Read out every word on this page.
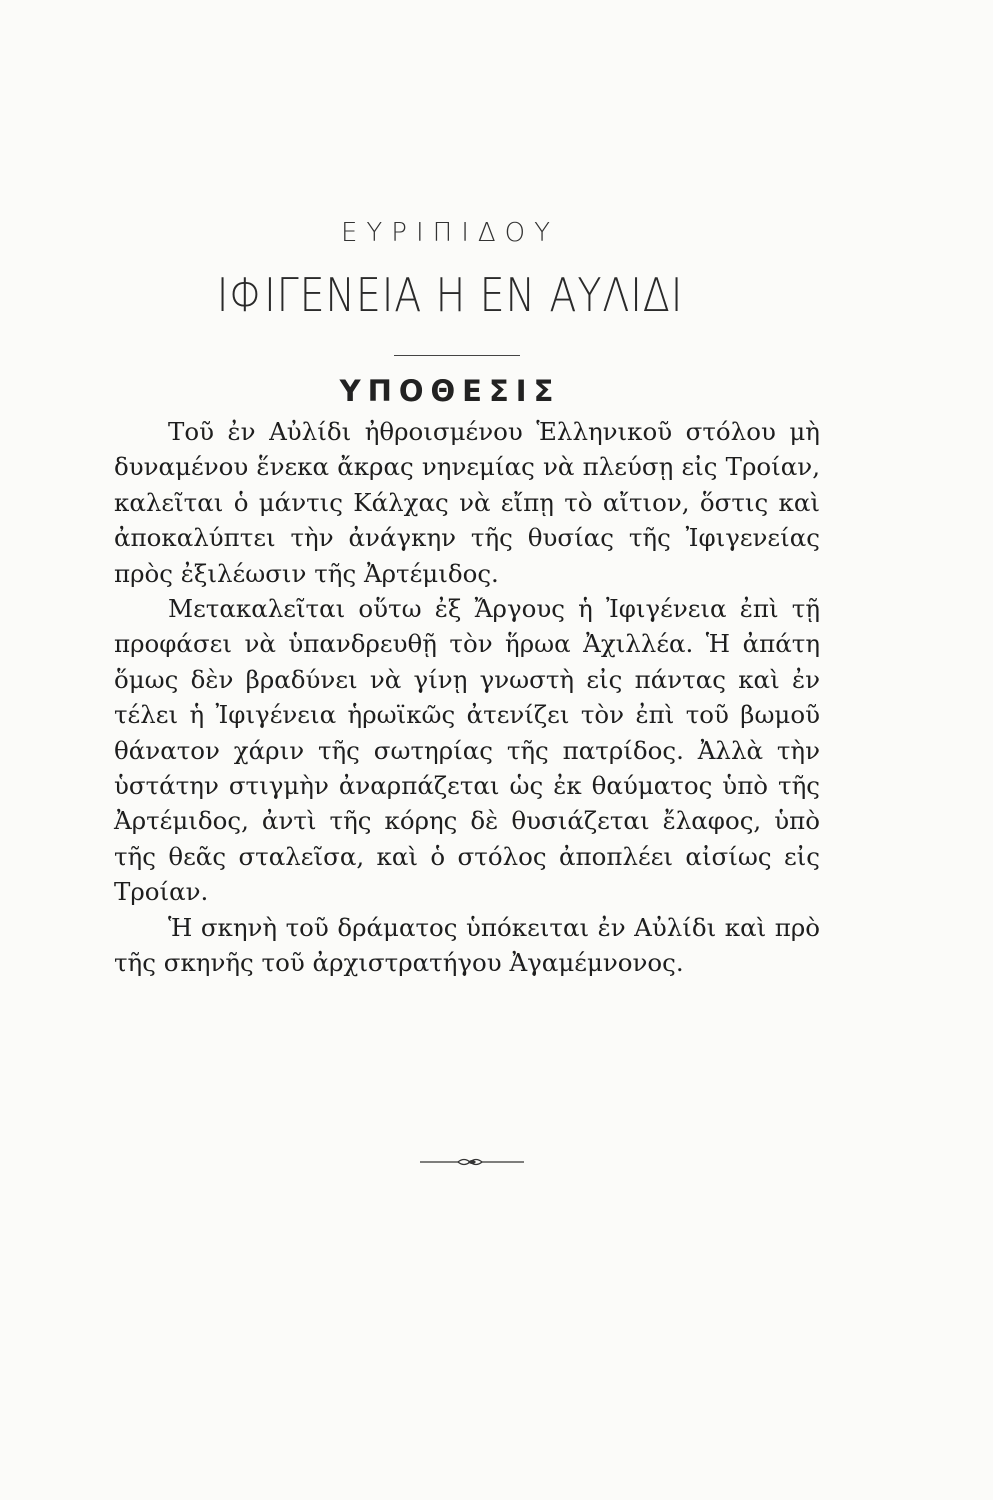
ΕΥΡΙΠΙΔΟΥ
ΙΦΙΓΕΝΕΙΑ Η ΕΝ ΑΥΛΙΔΙ
ΥΠΟΘΕΣΙΣ

Τοῦ ἐν Αὐλίδι ἠθροισμένου Ἑλληνικοῦ στόλου μὴ δυναμένου ἕνεκα ἄκρας νηνεμίας νὰ πλεύσῃ εἰς Τροίαν, καλεῖται ὁ μάντις Κάλχας νὰ εἴπῃ τὸ αἴτιον, ὅστις καὶ ἀποκαλύπτει τὴν ἀνάγκην τῆς θυσίας τῆς Ἰφιγενείας πρὸς ἐξιλέωσιν τῆς Ἀρτέμιδος.

Μετακαλεῖται οὕτω ἐξ Ἄργους ἡ Ἰφιγένεια ἐπὶ τῇ προφάσει νὰ ὑπανδρευθῇ τὸν ἥρωα Ἀχιλλέα. Ἡ ἀπάτη ὅμως δὲν βραδύνει νὰ γίνῃ γνωστὴ εἰς πάντας καὶ ἐν τέλει ἡ Ἰφιγένεια ἡρωϊκῶς ἀτενίζει τὸν ἐπὶ τοῦ βωμοῦ θάνατον χάριν τῆς σωτηρίας τῆς πατρίδος. Ἀλλὰ τὴν ὑστάτην στιγμὴν ἀναρπάζεται ὡς ἐκ θαύματος ὑπὸ τῆς Ἀρτέμιδος, ἀντὶ τῆς κόρης δὲ θυσιάζεται ἔλαφος, ὑπὸ τῆς θεᾶς σταλεῖσα, καὶ ὁ στόλος ἀποπλέει αἰσίως εἰς Τροίαν.

Ἡ σκηνὴ τοῦ δράματος ὑπόκειται ἐν Αὐλίδι καὶ πρὸ τῆς σκηνῆς τοῦ ἀρχιστρατήγου Ἀγαμέμνονος.
